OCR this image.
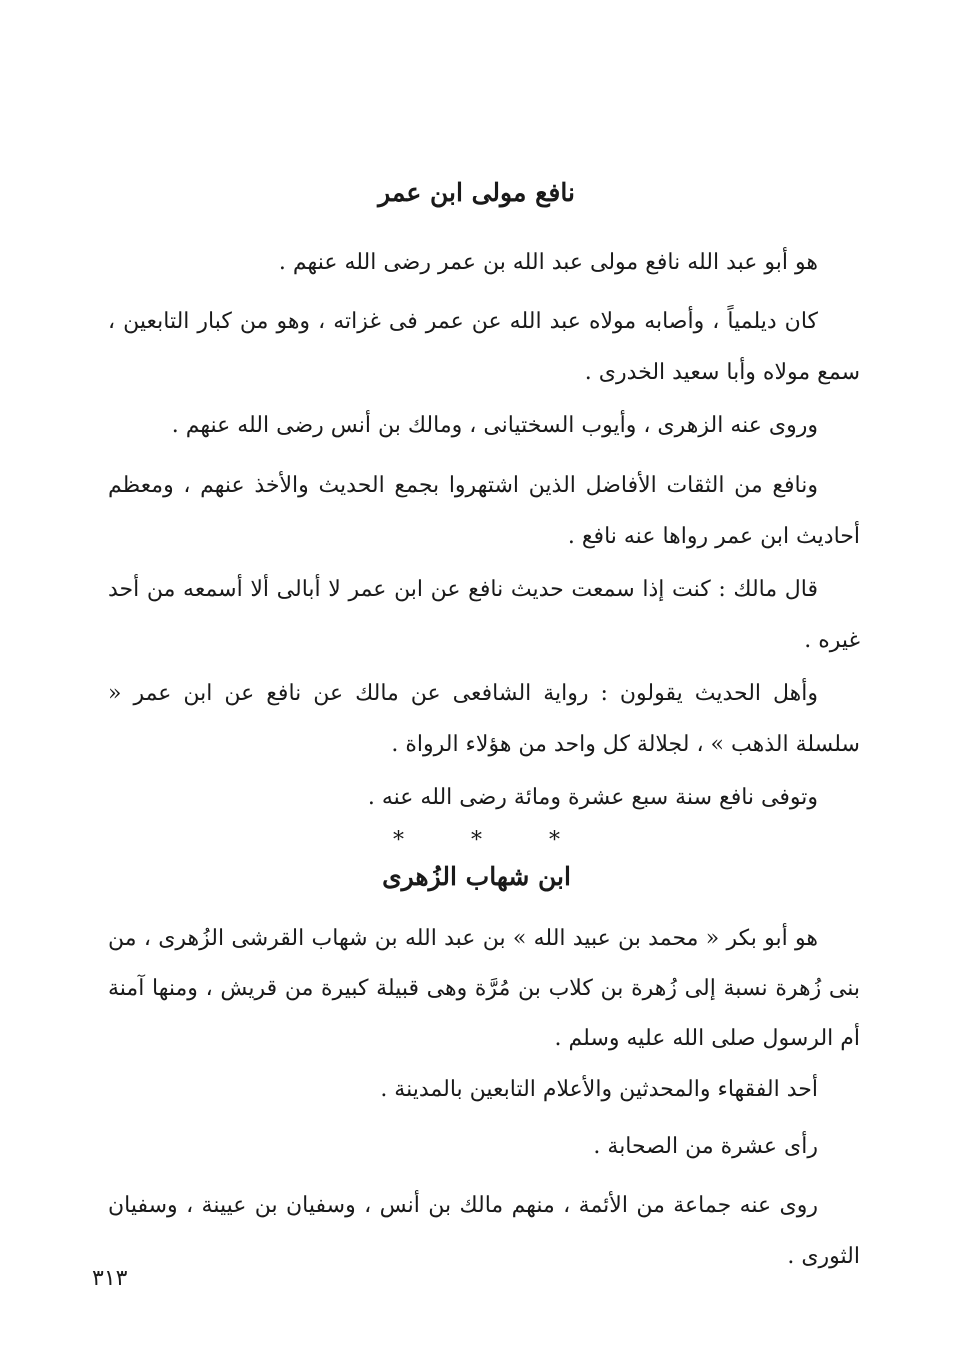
نافع مولى ابن عمر
هو أبو عبد الله نافع مولى عبد الله بن عمر رضى الله عنهم .
كان ديلمياً ، وأصابه مولاه عبد الله عن عمر فى غزاته ، وهو من كبار التابعين ، سمع مولاه وأبا سعيد الخدرى .
وروى عنه الزهرى ، وأيوب السختيانى ، ومالك بن أنس رضى الله عنهم .
ونافع من الثقات الأفاضل الذين اشتهروا بجمع الحديث والأخذ عنهم ، ومعظم أحاديث ابن عمر رواها عنه نافع .
قال مالك : كنت إذا سمعت حديث نافع عن ابن عمر لا أبالى ألا أسمعه من أحد غيره .
وأهل الحديث يقولون : رواية الشافعى عن مالك عن نافع عن ابن عمر « سلسلة الذهب » ، لجلالة كل واحد من هؤلاء الرواة .
وتوفى نافع سنة سبع عشرة ومائة رضى الله عنه .
* * *
ابن شهاب الزُهرى
هو أبو بكر « محمد بن عبيد الله » بن عبد الله بن شهاب القرشى الزُهرى ، من بنى زُهرة نسبة إلى زُهرة بن كلاب بن مُرَّة وهى قبيلة كبيرة من قريش ، ومنها آمنة أم الرسول صلى الله عليه وسلم .
أحد الفقهاء والمحدثين والأعلام التابعين بالمدينة .
رأى عشرة من الصحابة .
روى عنه جماعة من الأئمة ، منهم مالك بن أنس ، وسفيان بن عيينة ، وسفيان الثورى .
٣١٣
